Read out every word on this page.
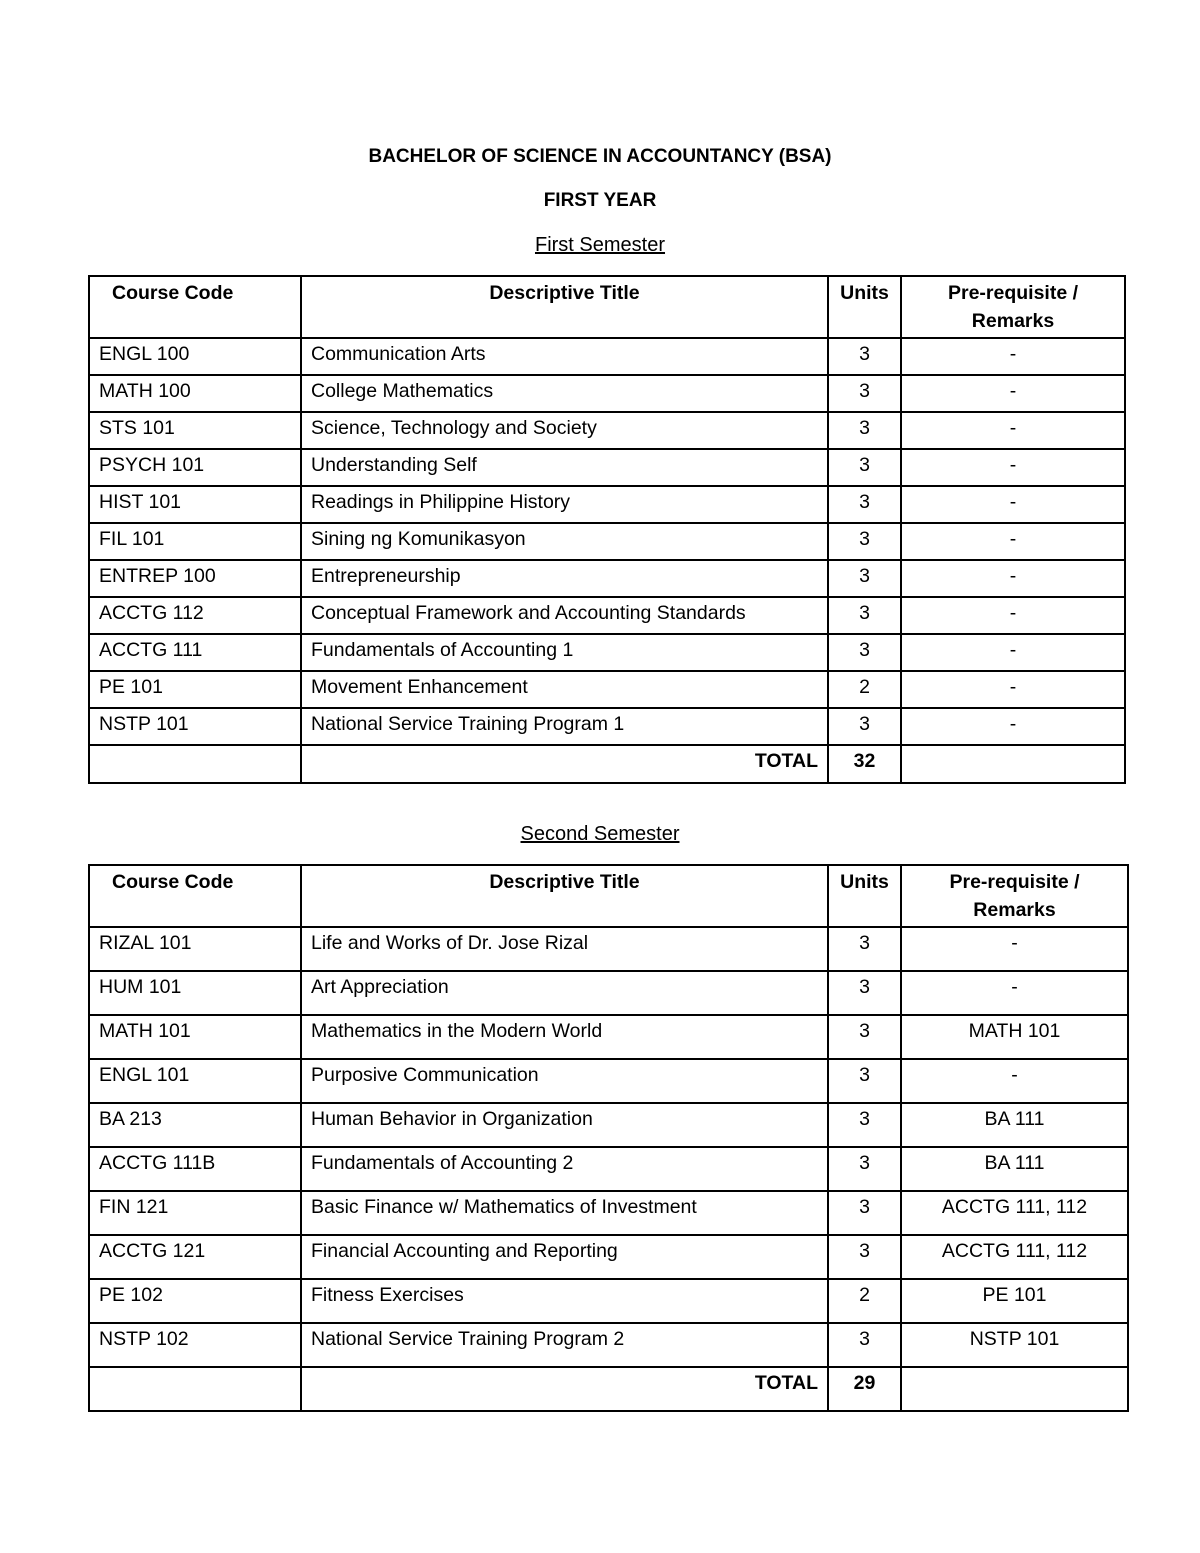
BACHELOR OF SCIENCE IN ACCOUNTANCY (BSA)
FIRST YEAR
First Semester
Course Code	Descriptive Title	Units	Pre-requisite /
Remarks
ENGL 100	Communication Arts	3	-
MATH 100	College Mathematics	3	-
STS 101	Science, Technology and Society	3	-
PSYCH 101	Understanding Self	3	-
HIST 101	Readings in Philippine History	3	-
FIL 101	Sining ng Komunikasyon	3	-
ENTREP 100	Entrepreneurship	3	-
ACCTG 112	Conceptual Framework and Accounting Standards	3	-
ACCTG 111	Fundamentals of Accounting 1	3	-
PE 101	Movement Enhancement	2	-
NSTP 101	National Service Training Program 1	3	-
	TOTAL	32	
Second Semester
Course Code	Descriptive Title	Units	Pre-requisite /
Remarks
RIZAL 101	Life and Works of Dr. Jose Rizal	3	-
HUM 101	Art Appreciation	3	-
MATH 101	Mathematics in the Modern World	3	MATH 101
ENGL 101	Purposive Communication	3	-
BA 213	Human Behavior in Organization	3	BA 111
ACCTG 111B	Fundamentals of Accounting 2	3	BA 111
FIN 121	Basic Finance w/ Mathematics of Investment	3	ACCTG 111, 112
ACCTG 121	Financial Accounting and Reporting	3	ACCTG 111, 112
PE 102	Fitness Exercises	2	PE 101
NSTP 102	National Service Training Program 2	3	NSTP 101
	TOTAL	29	
